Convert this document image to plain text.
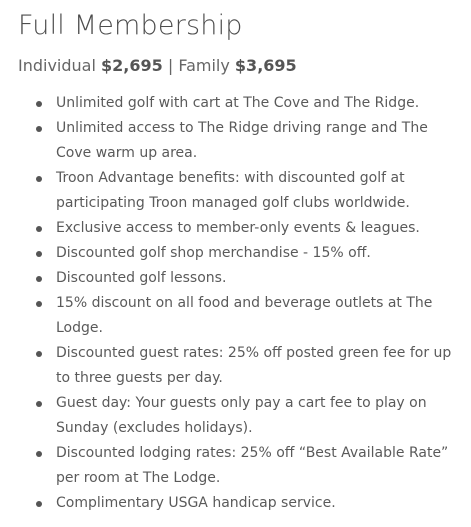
Full Membership
Individual $2,695 | Family $3,695
Unlimited golf with cart at The Cove and The Ridge.
Unlimited access to The Ridge driving range and The Cove warm up area.
Troon Advantage benefits: with discounted golf at participating Troon managed golf clubs worldwide.
Exclusive access to member-only events & leagues.
Discounted golf shop merchandise - 15% off.
Discounted golf lessons.
15% discount on all food and beverage outlets at The Lodge.
Discounted guest rates: 25% off posted green fee for up to three guests per day.
Guest day: Your guests only pay a cart fee to play on Sunday (excludes holidays).
Discounted lodging rates: 25% off “Best Available Rate” per room at The Lodge.
Complimentary USGA handicap service.
